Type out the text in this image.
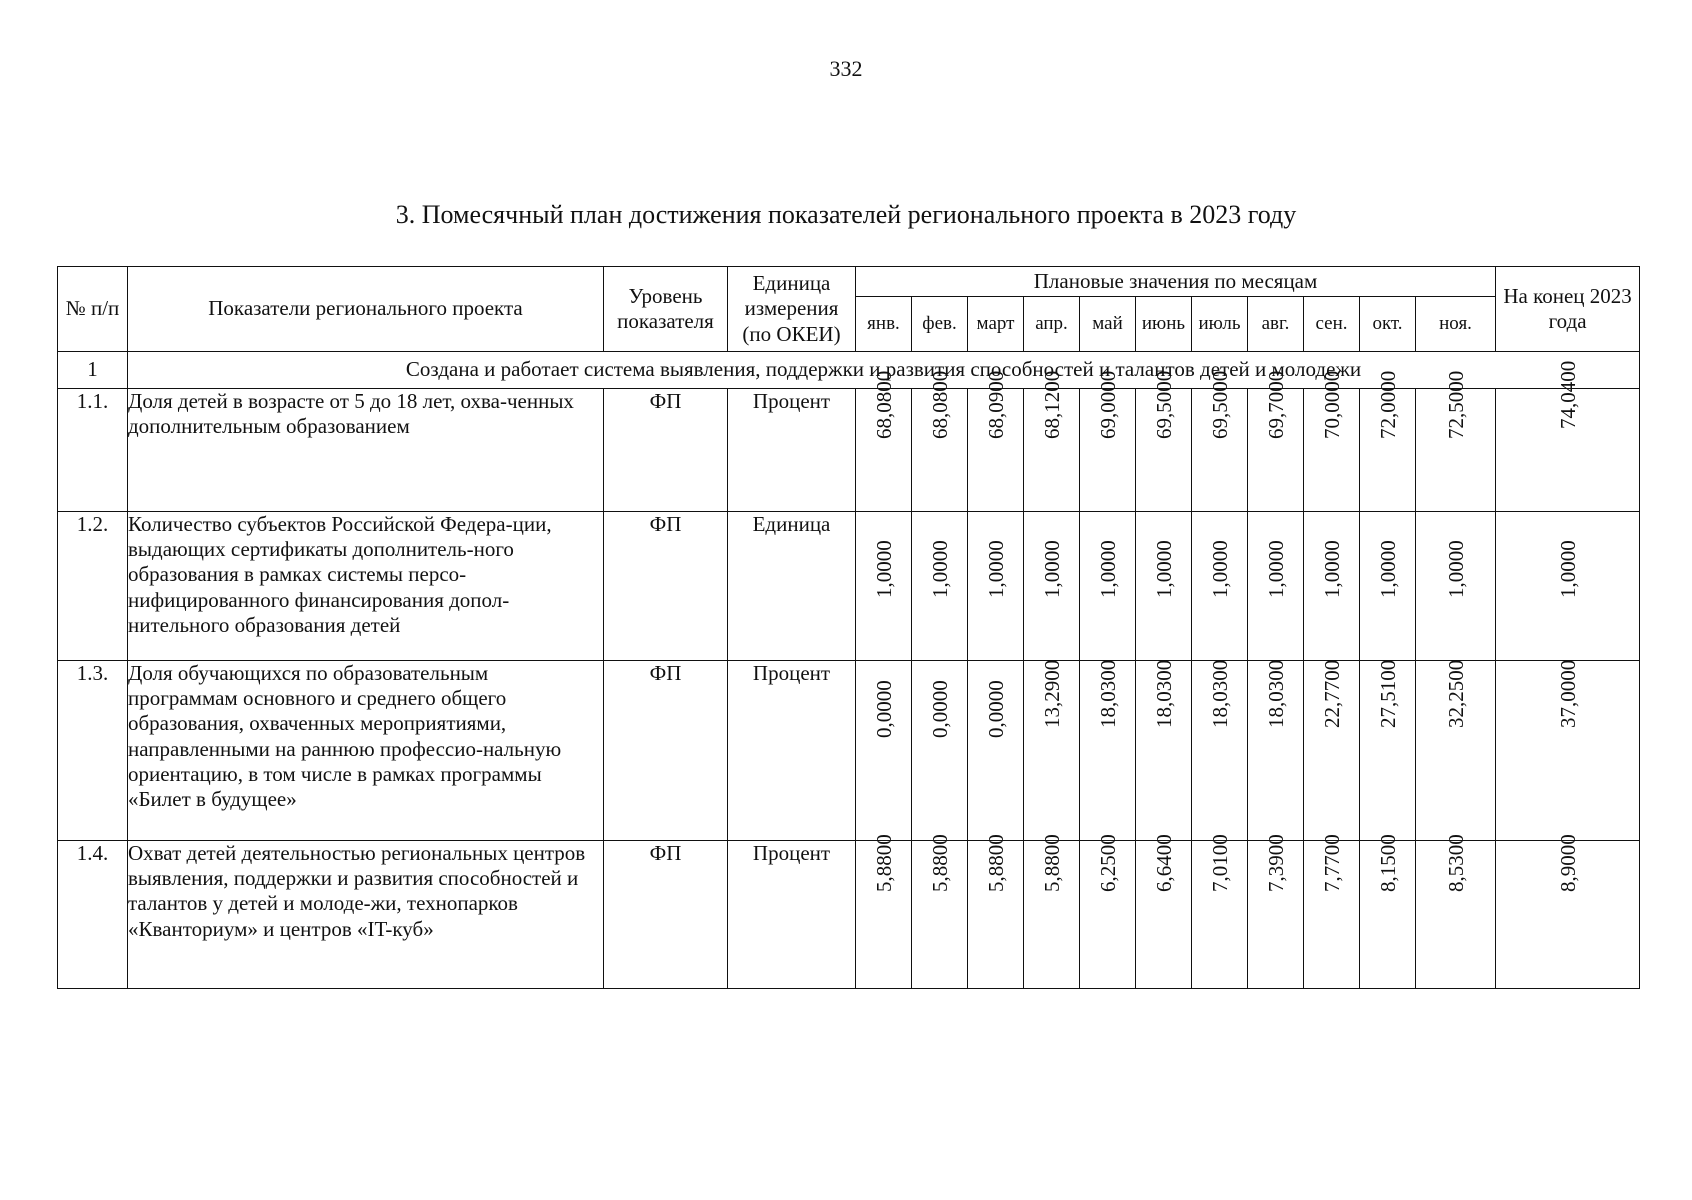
332
3. Помесячный план достижения показателей регионального проекта в 2023 году
№ п/п	Показатели регионального проекта	Уровень показателя	Единица измерения (по ОКЕИ)	Плановые значения по месяцам											На конец 2023 года
				янв.	фев.	март	апр.	май	июнь	июль	авг.	сен.	окт.	ноя.	
1	Создана и работает система выявления, поддержки и развития способностей и талантов детей и молодежи														
1.1.	Доля детей в возрасте от 5 до 18 лет, охва-ченных дополнительным образованием	ФП	Процент	68,0800	68,0800	68,0900	68,1200	69,0000	69,5000	69,5000	69,7000	70,0000	72,0000	72,5000	74,0400

1.2.	Количество субъектов Российской Федера-ции, выдающих сертификаты дополнитель-ного образования в рамках системы персо-нифицированного финансирования допол-нительного образования детей	ФП	Единица	1,0000	1,0000	1,0000	1,0000	1,0000	1,0000	1,0000	1,0000	1,0000	1,0000	1,0000	1,0000

1.3.	Доля обучающихся по образовательным программам основного и среднего общего образования, охваченных мероприятиями, направленными на раннюю профессио-нальную ориентацию, в том числе в рамках программы «Билет в будущее»	ФП	Процент	0,0000	0,0000	0,0000	13,2900	18,0300	18,0300	18,0300	18,0300	22,7700	27,5100	32,2500	37,0000

1.4.	Охват детей деятельностью региональных центров выявления, поддержки и развития способностей и талантов у детей и молоде-жи, технопарков «Кванториум» и центров «IT-куб»	ФП	Процент	5,8800	5,8800	5,8800	5,8800	6,2500	6,6400	7,0100	7,3900	7,7700	8,1500	8,5300	8,9000
